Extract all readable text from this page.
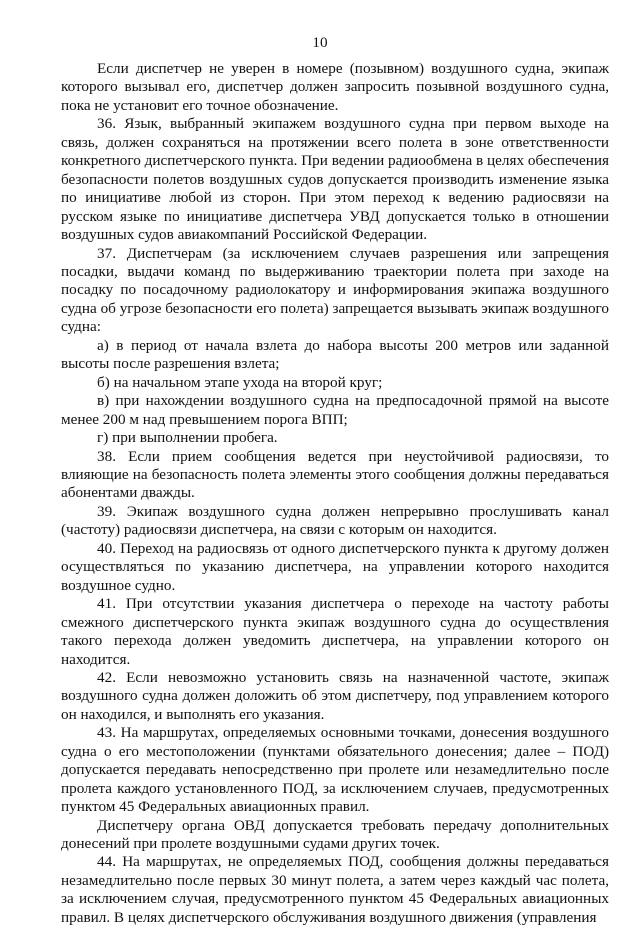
10

Если диспетчер не уверен в номере (позывном) воздушного судна, экипаж которого вызывал его, диспетчер должен запросить позывной воздушного судна, пока не установит его точное обозначение.

36. Язык, выбранный экипажем воздушного судна при первом выходе на связь, должен сохраняться на протяжении всего полета в зоне ответственности конкретного диспетчерского пункта. При ведении радиообмена в целях обеспечения безопасности полетов воздушных судов допускается производить изменение языка по инициативе любой из сторон. При этом переход к ведению радиосвязи на русском языке по инициативе диспетчера УВД допускается только в отношении воздушных судов авиакомпаний Российской Федерации.

37. Диспетчерам (за исключением случаев разрешения или запрещения посадки, выдачи команд по выдерживанию траектории полета при заходе на посадку по посадочному радиолокатору и информирования экипажа воздушного судна об угрозе безопасности его полета) запрещается вызывать экипаж воздушного судна:

а) в период от начала взлета до набора высоты 200 метров или заданной высоты после разрешения взлета;

б) на начальном этапе ухода на второй круг;

в) при нахождении воздушного судна на предпосадочной прямой на высоте менее 200 м над превышением порога ВПП;

г) при выполнении пробега.

38. Если прием сообщения ведется при неустойчивой радиосвязи, то влияющие на безопасность полета элементы этого сообщения должны передаваться абонентами дважды.

39. Экипаж воздушного судна должен непрерывно прослушивать канал (частоту) радиосвязи диспетчера, на связи с которым он находится.

40. Переход на радиосвязь от одного диспетчерского пункта к другому должен осуществляться по указанию диспетчера, на управлении которого находится воздушное судно.

41. При отсутствии указания диспетчера о переходе на частоту работы смежного диспетчерского пункта экипаж воздушного судна до осуществления такого перехода должен уведомить диспетчера, на управлении которого он находится.

42. Если невозможно установить связь на назначенной частоте, экипаж воздушного судна должен доложить об этом диспетчеру, под управлением которого он находился, и выполнять его указания.

43. На маршрутах, определяемых основными точками, донесения воздушного судна о его местоположении (пунктами обязательного донесения; далее – ПОД) допускается передавать непосредственно при пролете или незамедлительно после пролета каждого установленного ПОД, за исключением случаев, предусмотренных пунктом 45 Федеральных авиационных правил.

Диспетчеру органа ОВД допускается требовать передачу дополнительных донесений при пролете воздушными судами других точек.

44. На маршрутах, не определяемых ПОД, сообщения должны передаваться незамедлительно после первых 30 минут полета, а затем через каждый час полета, за исключением случая, предусмотренного пунктом 45 Федеральных авиационных правил. В целях диспетчерского обслуживания воздушного движения (управления
